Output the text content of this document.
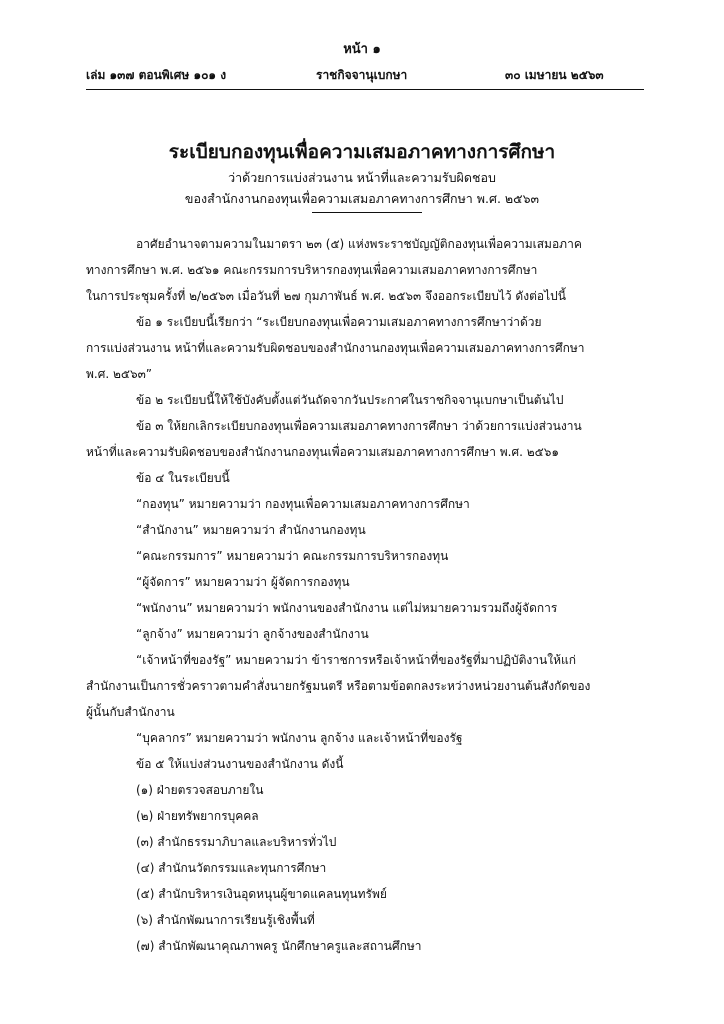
หน้า ๑
เล่ม ๑๓๗ ตอนพิเศษ ๑๐๑ ง	ราชกิจจานุเบกษา	๓๐ เมษายน ๒๕๖๓
ระเบียบกองทุนเพื่อความเสมอภาคทางการศึกษา
ว่าด้วยการแบ่งส่วนงาน หน้าที่และความรับผิดชอบ
ของสำนักงานกองทุนเพื่อความเสมอภาคทางการศึกษา พ.ศ. ๒๕๖๓
อาศัยอำนาจตามความในมาตรา ๒๓ (๕) แห่งพระราชบัญญัติกองทุนเพื่อความเสมอภาค
ทางการศึกษา พ.ศ. ๒๕๖๑ คณะกรรมการบริหารกองทุนเพื่อความเสมอภาคทางการศึกษา
ในการประชุมครั้งที่ ๒/๒๕๖๓ เมื่อวันที่ ๒๗ กุมภาพันธ์ พ.ศ. ๒๕๖๓ จึงออกระเบียบไว้ ดังต่อไปนี้
ข้อ ๑ ระเบียบนี้เรียกว่า “ระเบียบกองทุนเพื่อความเสมอภาคทางการศึกษาว่าด้วย
การแบ่งส่วนงาน หน้าที่และความรับผิดชอบของสำนักงานกองทุนเพื่อความเสมอภาคทางการศึกษา
พ.ศ. ๒๕๖๓”
ข้อ ๒ ระเบียบนี้ให้ใช้บังคับตั้งแต่วันถัดจากวันประกาศในราชกิจจานุเบกษาเป็นต้นไป
ข้อ ๓ ให้ยกเลิกระเบียบกองทุนเพื่อความเสมอภาคทางการศึกษา ว่าด้วยการแบ่งส่วนงาน
หน้าที่และความรับผิดชอบของสำนักงานกองทุนเพื่อความเสมอภาคทางการศึกษา พ.ศ. ๒๕๖๑
ข้อ ๔ ในระเบียบนี้
“กองทุน” หมายความว่า กองทุนเพื่อความเสมอภาคทางการศึกษา
“สำนักงาน” หมายความว่า สำนักงานกองทุน
“คณะกรรมการ” หมายความว่า คณะกรรมการบริหารกองทุน
“ผู้จัดการ” หมายความว่า ผู้จัดการกองทุน
“พนักงาน” หมายความว่า พนักงานของสำนักงาน แต่ไม่หมายความรวมถึงผู้จัดการ
“ลูกจ้าง” หมายความว่า ลูกจ้างของสำนักงาน
“เจ้าหน้าที่ของรัฐ” หมายความว่า ข้าราชการหรือเจ้าหน้าที่ของรัฐที่มาปฏิบัติงานให้แก่
สำนักงานเป็นการชั่วคราวตามคำสั่งนายกรัฐมนตรี หรือตามข้อตกลงระหว่างหน่วยงานต้นสังกัดของ
ผู้นั้นกับสำนักงาน
“บุคลากร” หมายความว่า พนักงาน ลูกจ้าง และเจ้าหน้าที่ของรัฐ
ข้อ ๕ ให้แบ่งส่วนงานของสำนักงาน ดังนี้
(๑) ฝ่ายตรวจสอบภายใน
(๒) ฝ่ายทรัพยากรบุคคล
(๓) สำนักธรรมาภิบาลและบริหารทั่วไป
(๔) สำนักนวัตกรรมและทุนการศึกษา
(๕) สำนักบริหารเงินอุดหนุนผู้ขาดแคลนทุนทรัพย์
(๖) สำนักพัฒนาการเรียนรู้เชิงพื้นที่
(๗) สำนักพัฒนาคุณภาพครู นักศึกษาครูและสถานศึกษา
